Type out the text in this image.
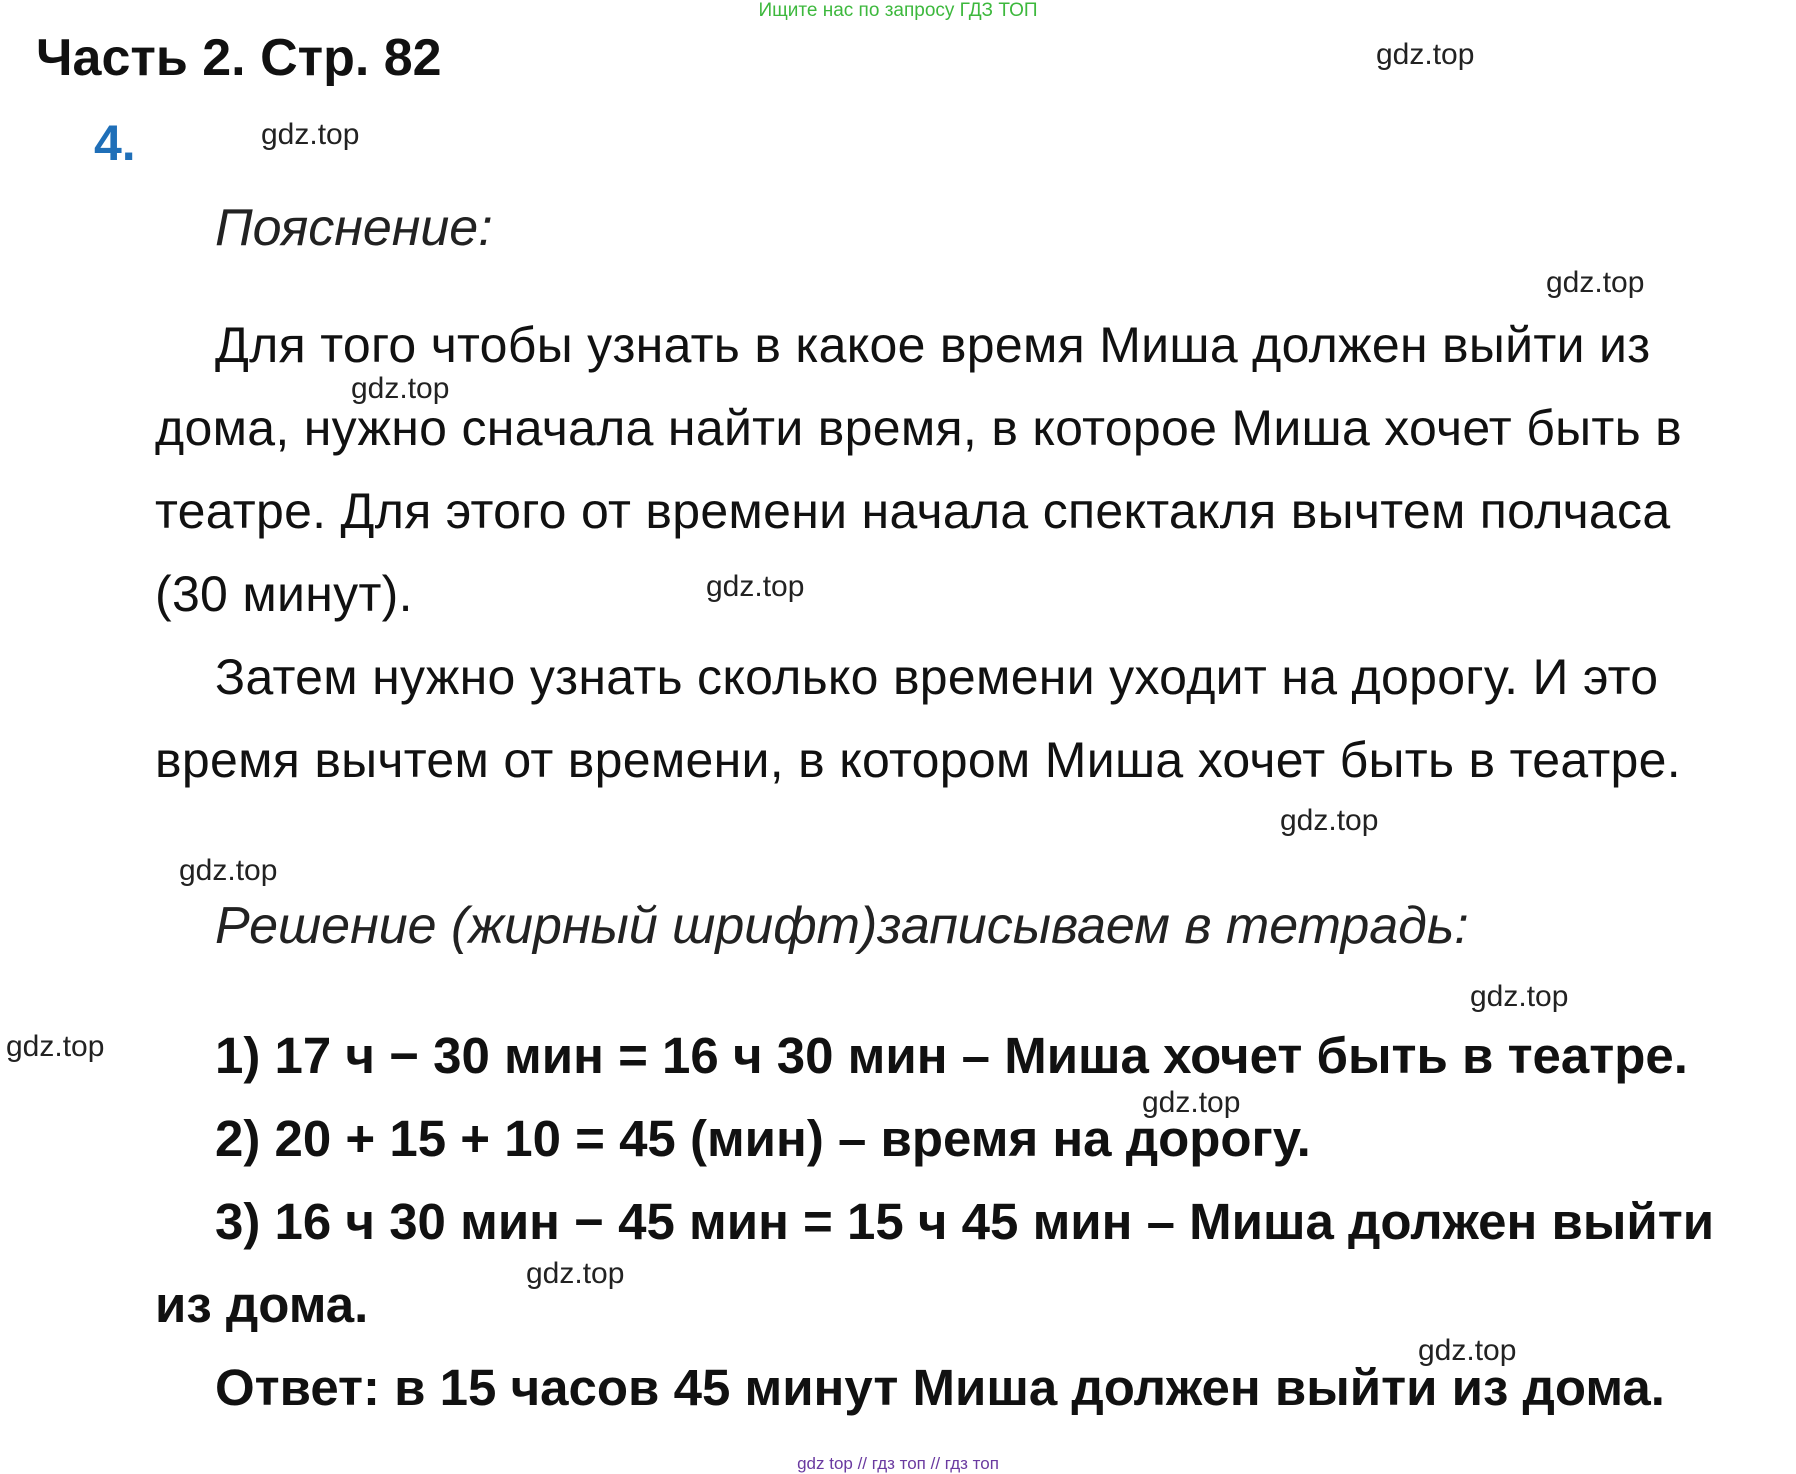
Ищите нас по запросу ГДЗ ТОП
Часть 2. Стр. 82
4.
Пояснение:
Для того чтобы узнать в какое время Миша должен выйти из
дома, нужно сначала найти время, в которое Миша хочет быть в
театре. Для этого от времени начала спектакля вычтем полчаса
(30 минут).
Затем нужно узнать сколько времени уходит на дорогу. И это
время вычтем от времени, в котором Миша хочет быть в театре.
Решение (жирный шрифт)записываем в тетрадь:
1) 17 ч − 30 мин = 16 ч 30 мин – Миша хочет быть в театре.
2) 20 + 15 + 10 = 45 (мин) – время на дорогу.
3) 16 ч 30 мин − 45 мин = 15 ч 45 мин – Миша должен выйти
из дома.
Ответ: в 15 часов 45 минут Миша должен выйти из дома.
gdz.top
gdz.top
gdz.top
gdz.top
gdz.top
gdz.top
gdz.top
gdz.top
gdz.top
gdz.top
gdz.top
gdz.top
gdz top // гдз топ // гдз топ
